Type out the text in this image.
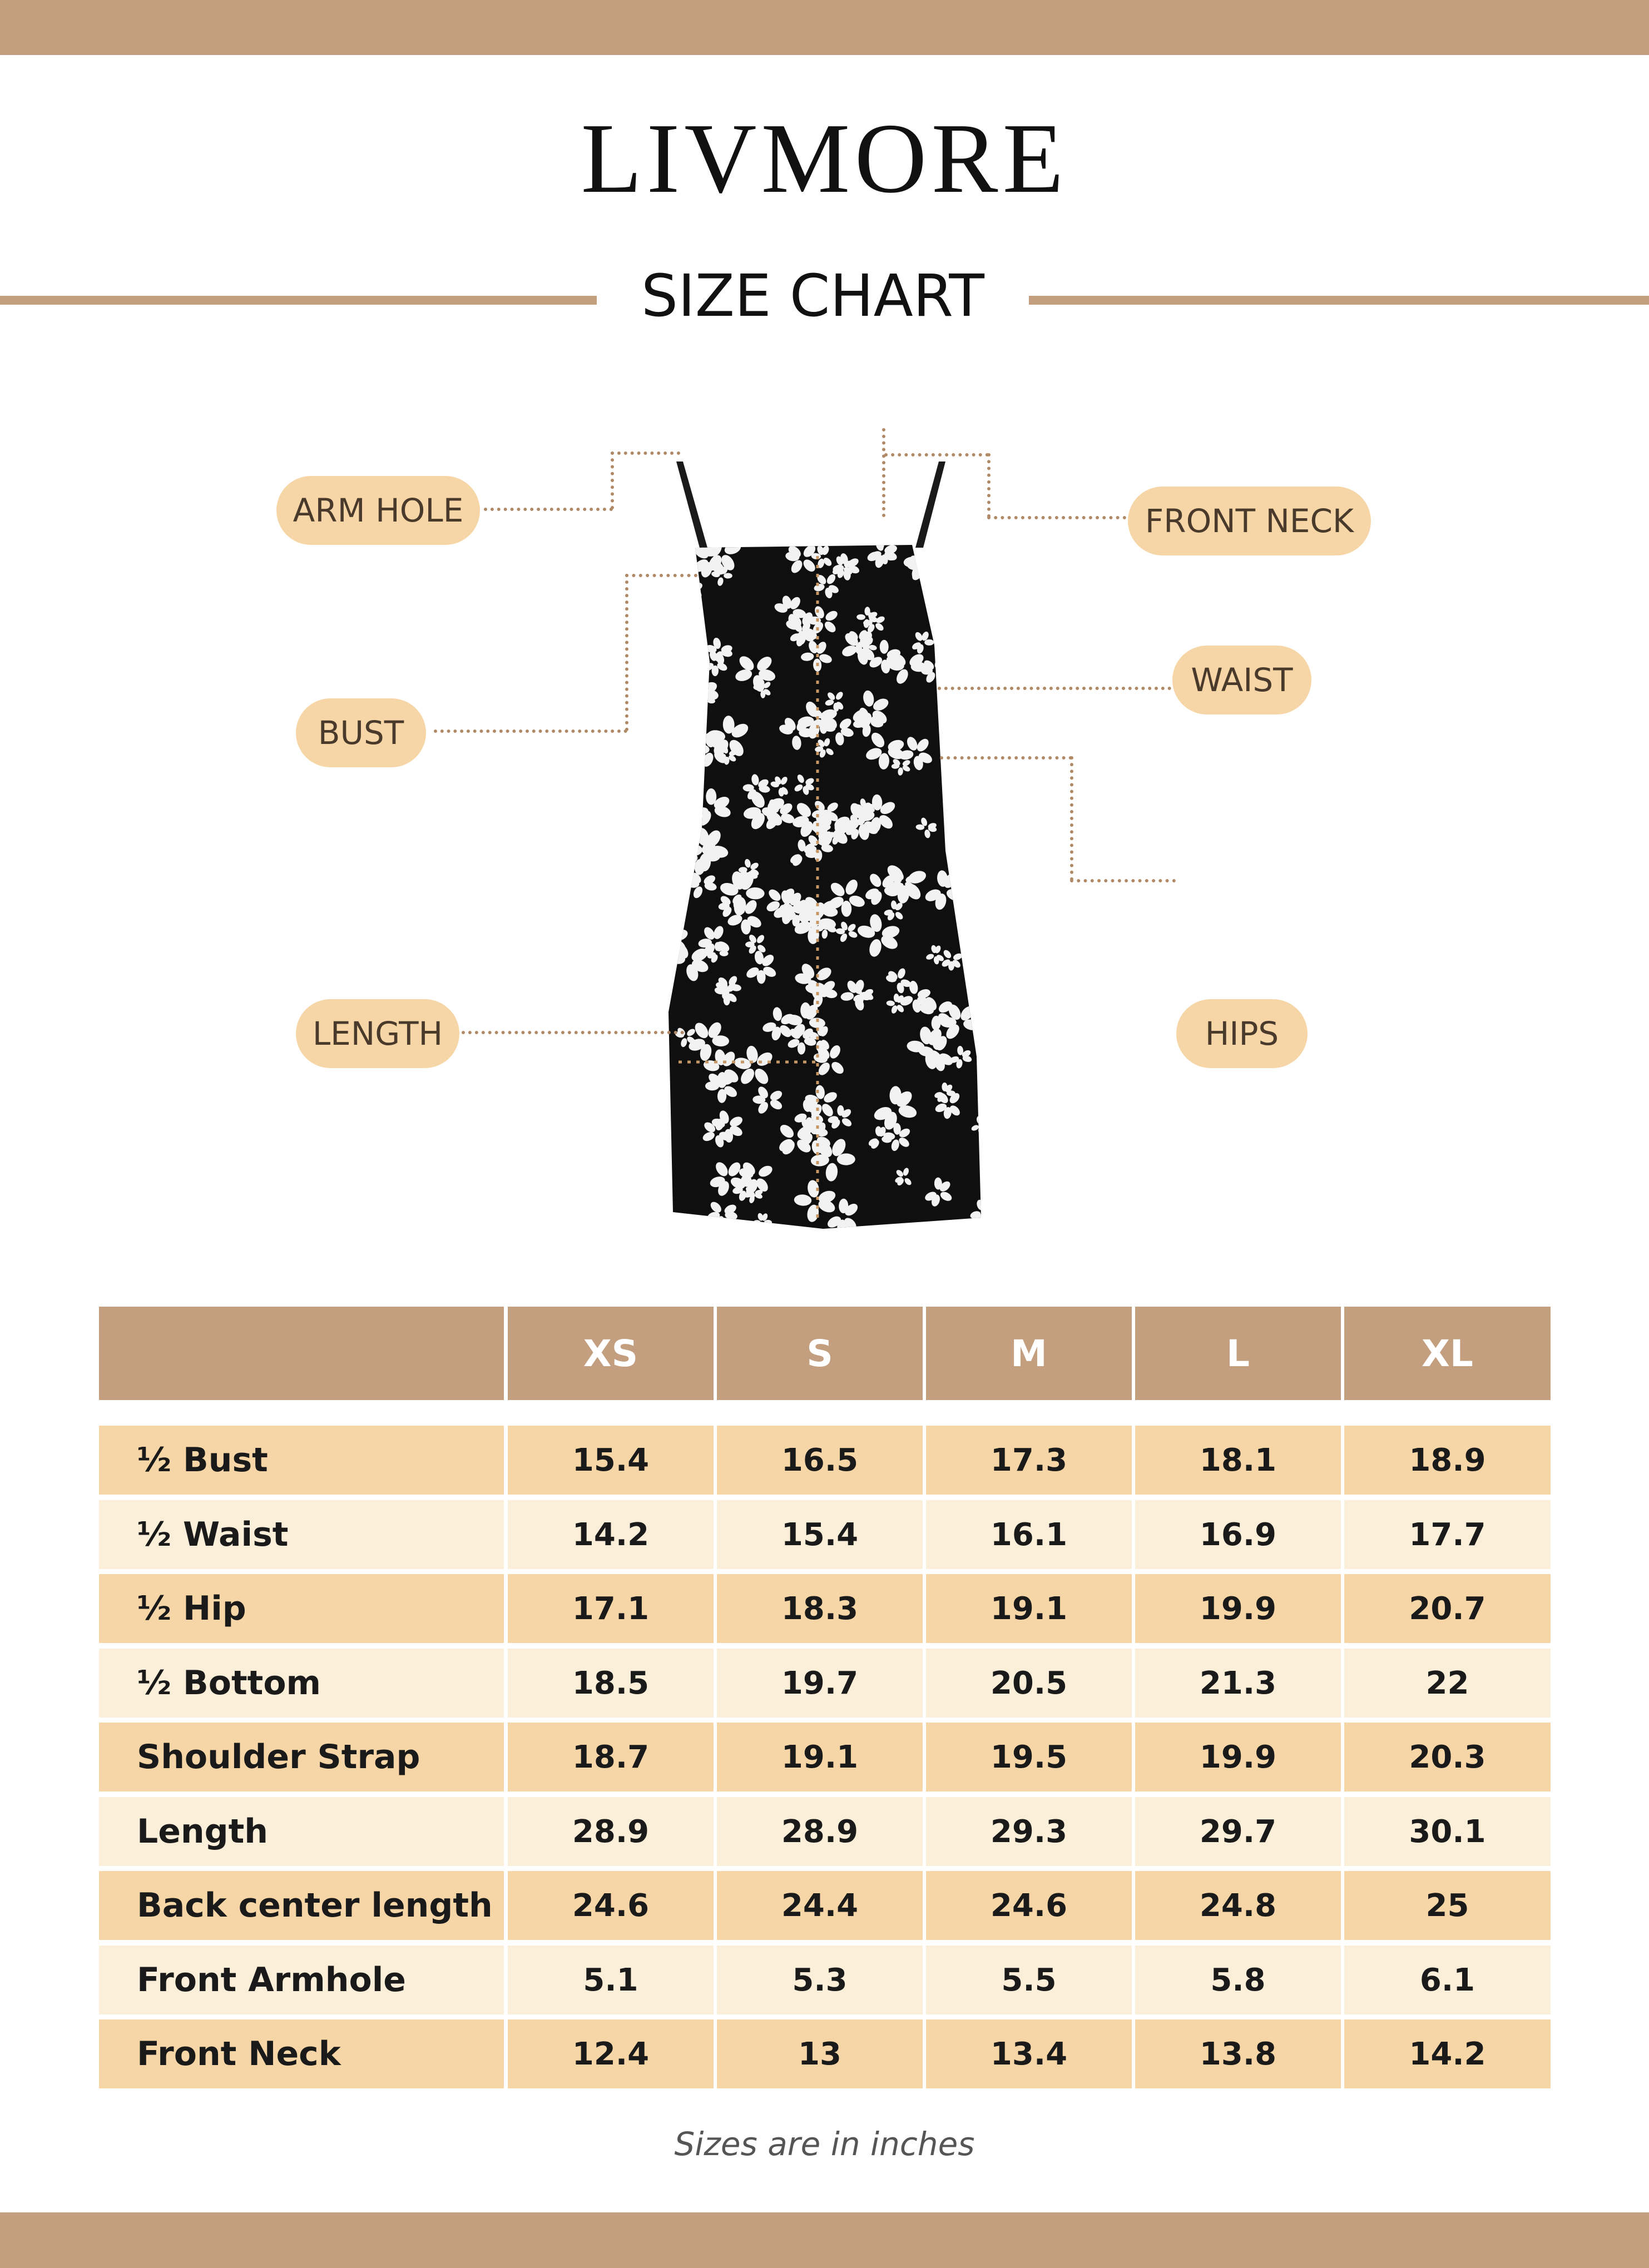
LIVMORE
SIZE CHART
ARM HOLE	FRONT NECK
BUST
WAIST
LENGTH	HIPS
XS	S	M	L	XL
½ Bust	15.4	16.5	17.3	18.1	18.9
½ Waist	14.2	15.4	16.1	16.9	17.7
½ Hip	17.1	18.3	19.1	19.9	20.7
½ Bottom	18.5	19.7	20.5	21.3	22
Shoulder Strap	18.7	19.1	19.5	19.9	20.3
Length	28.9	28.9	29.3	29.7	30.1
Back center length	24.6	24.4	24.6	24.8	25
Front Armhole	5.1	5.3	5.5	5.8	6.1
Front Neck	12.4	13	13.4	13.8	14.2
Sizes are in inches
